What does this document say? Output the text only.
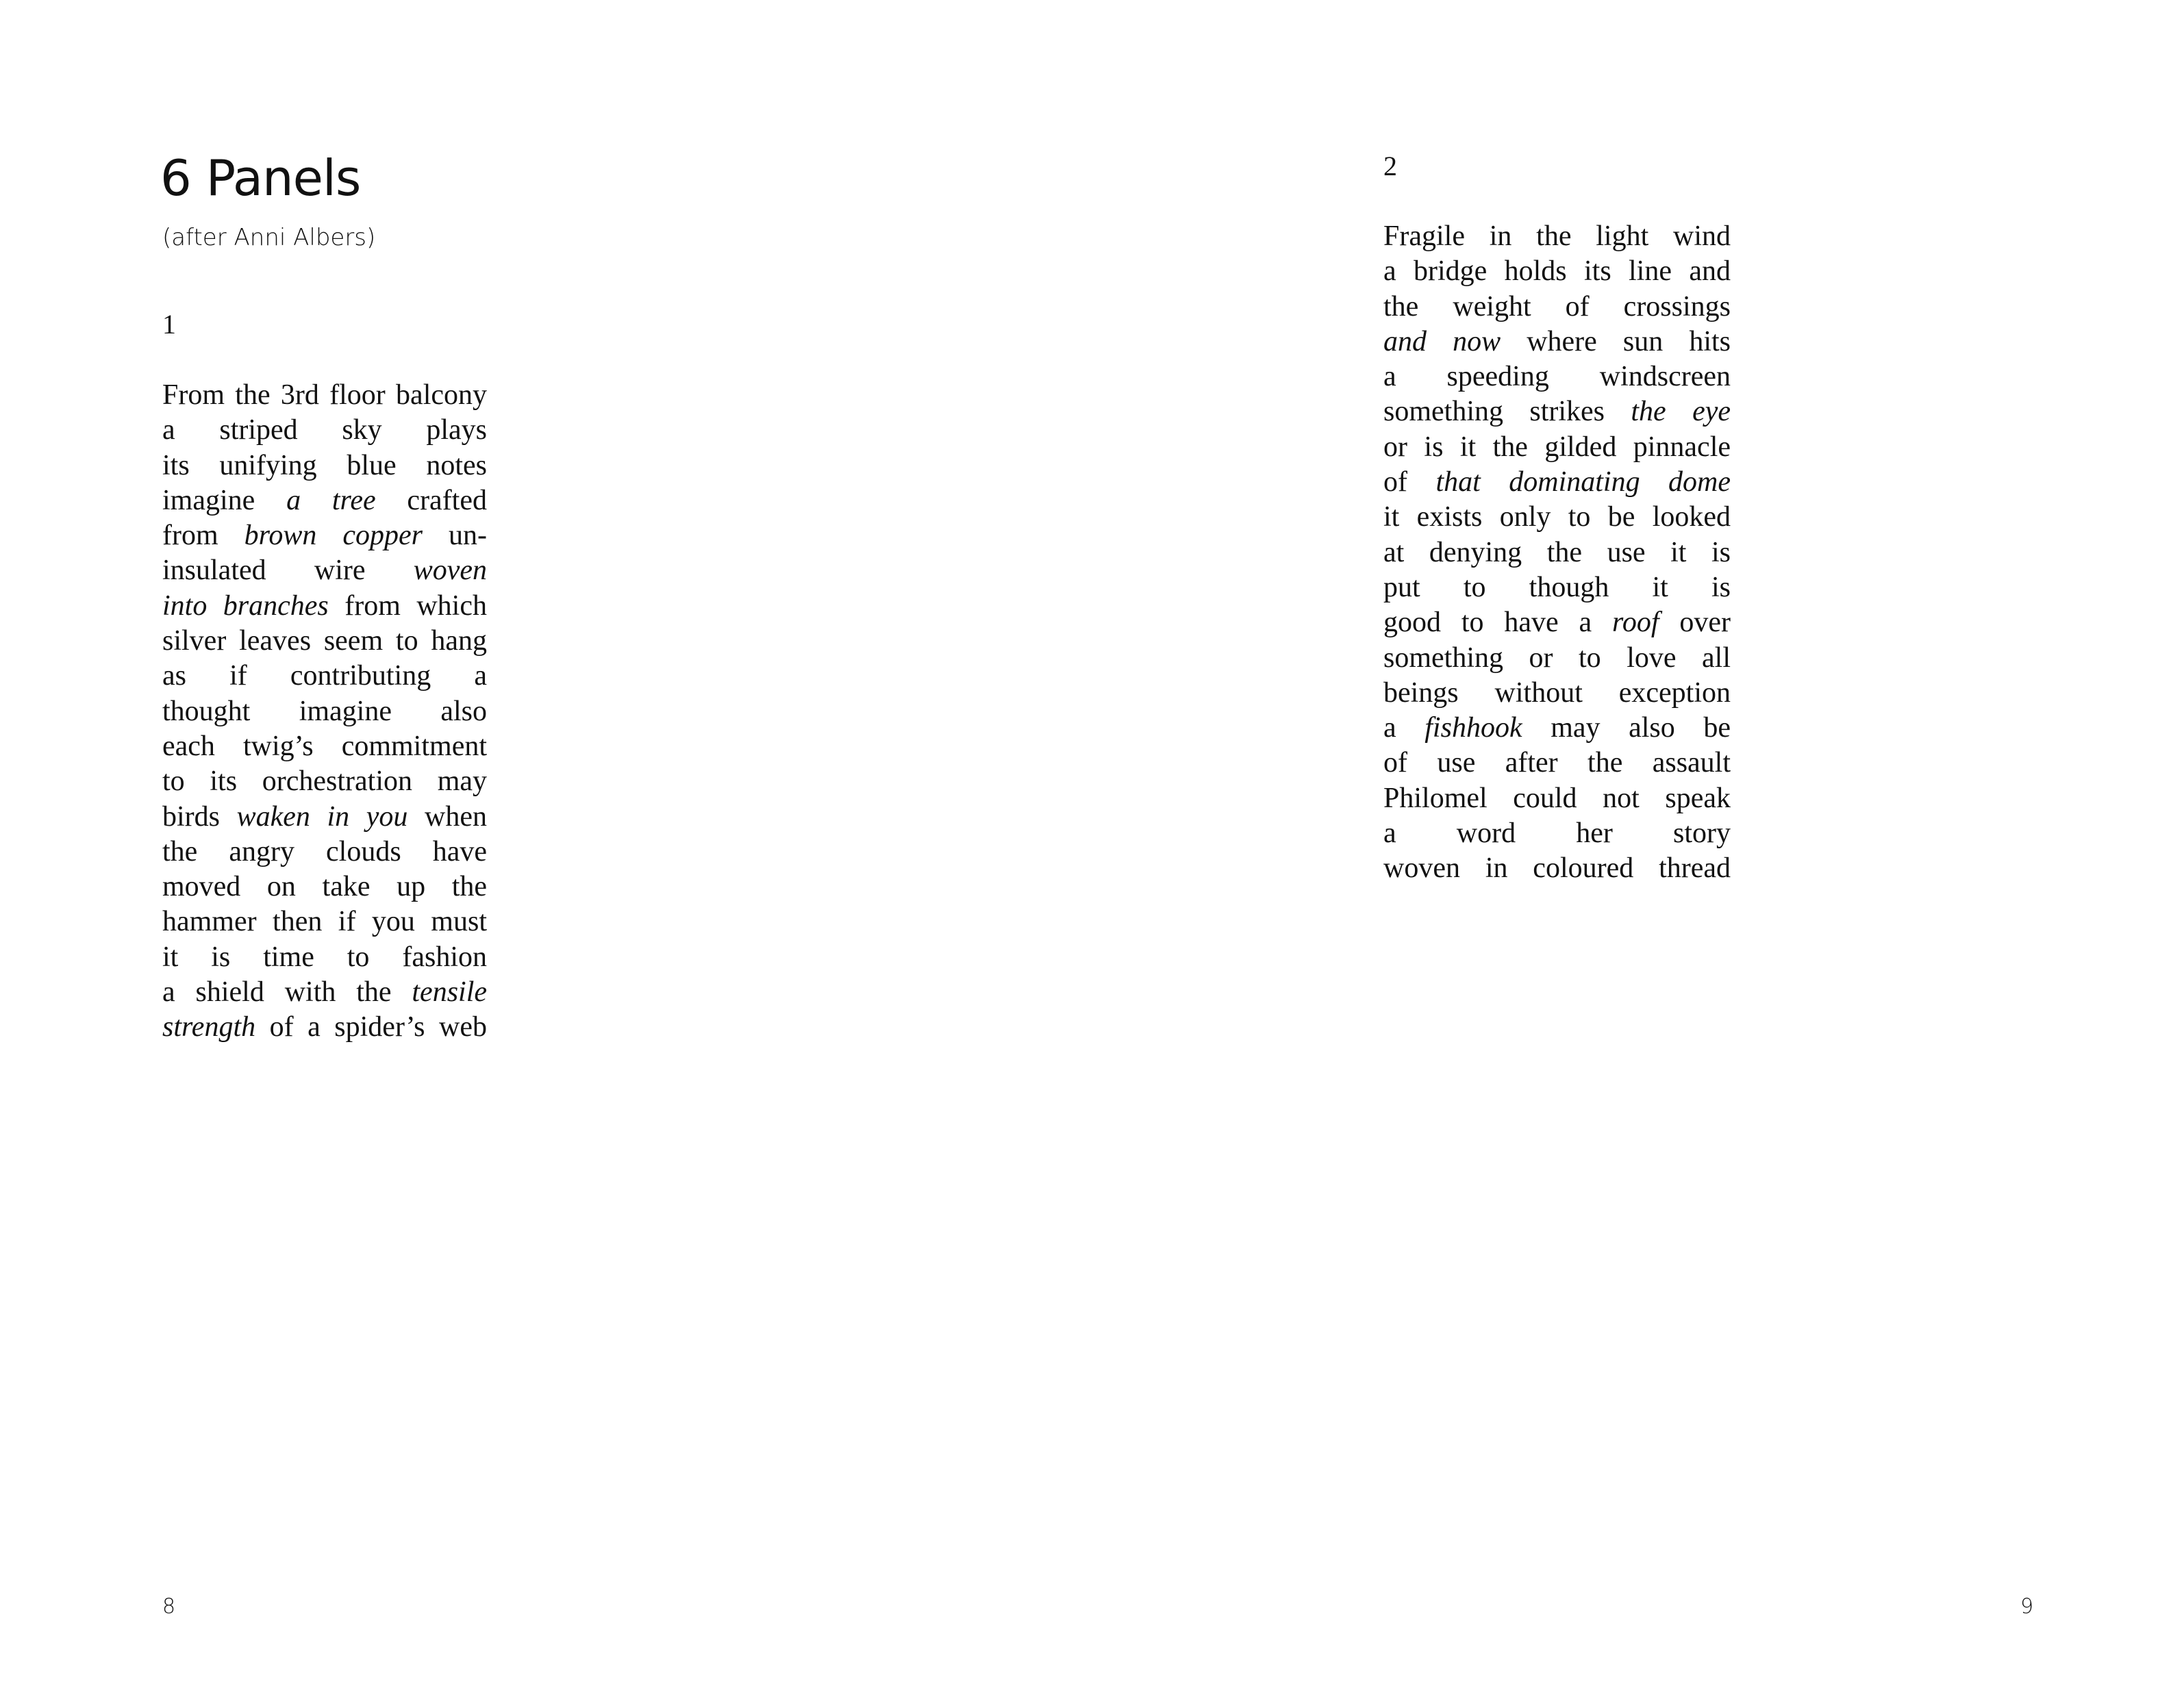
6 Panels
(after Anni Albers)
1
From the 3rd floor balcony
a striped sky plays
its unifying blue notes
imagine a tree crafted
from brown copper un-
insulated wire woven
into branches from which
silver leaves seem to hang
as if contributing a
thought imagine also
each twig’s commitment
to its orchestration may
birds waken in you when
the angry clouds have
moved on take up the
hammer then if you must
it is time to fashion
a shield with the tensile
strength of a spider’s web
2
Fragile in the light wind
a bridge holds its line and
the weight of crossings
and now where sun hits
a speeding windscreen
something strikes the eye
or is it the gilded pinnacle
of that dominating dome
it exists only to be looked
at denying the use it is
put to though it is
good to have a roof over
something or to love all
beings without exception
a fishhook may also be
of use after the assault
Philomel could not speak
a word her story
woven in coloured thread
8	9
